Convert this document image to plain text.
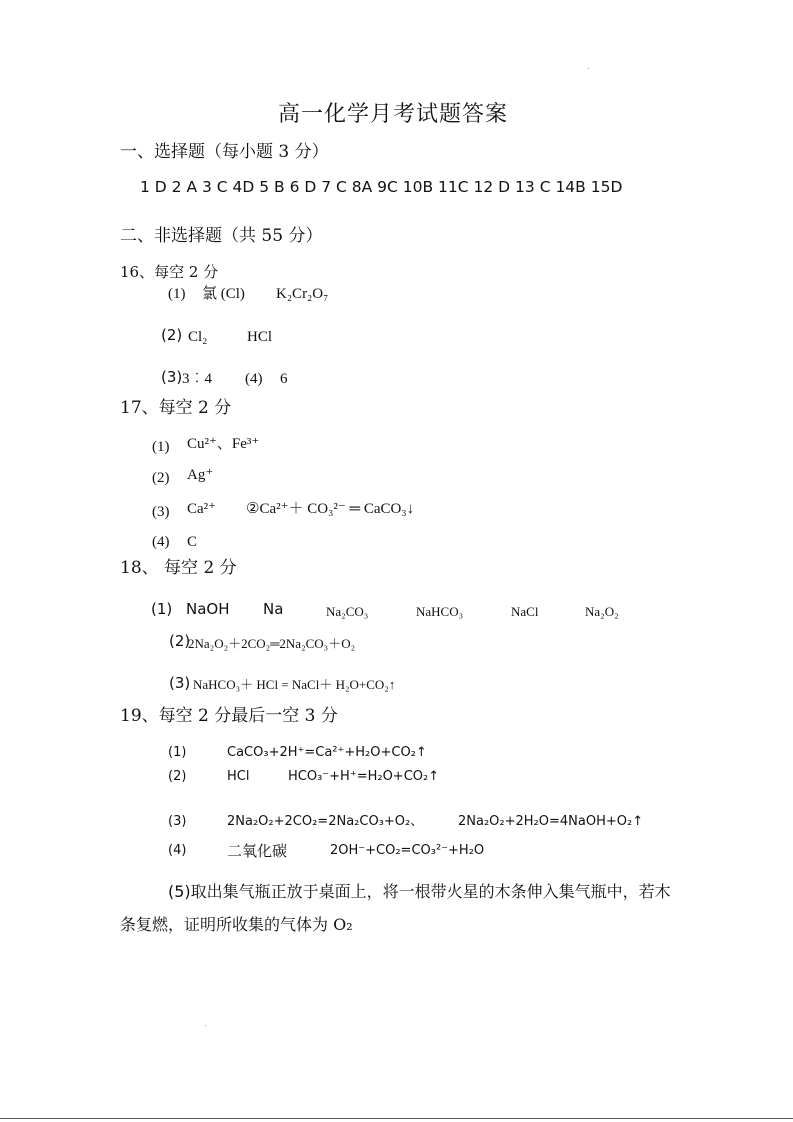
高一化学月考试题答案
一、选择题（每小题 3 分）
1 D 2 A 3 C 4D 5 B 6 D 7 C 8A 9C 10B 11C 12 D 13 C 14B 15D
二、非选择题（共 55 分）
16、每空 2 分
(1) 氯 (Cl) K₂Cr₂O₇
(2) Cl₂	HCl
(3) 3︰4 (4) 6
17、每空 2 分
(1) Cu²⁺、Fe³⁺
(2) Ag⁺
(3) Ca²⁺ ②Ca²⁺＋ CO₃²⁻ ═ CaCO₃↓
(4) C
18、 每空 2 分
(1) NaOH Na	Na₂CO₃	NaHCO₃	NaCl	Na₂O₂
(2)
2Na₂O₂＋2CO₂═2Na₂CO₃＋O₂
(3) NaHCO₃＋ HCl = NaCl＋ H₂O+CO₂↑
19、每空 2 分最后一空 3 分
(1)	CaCO₃+2H⁺=Ca²⁺+H₂O+CO₂↑
(2)	HCl	HCO₃⁻+H⁺=H₂O+CO₂↑
(3)	2Na₂O₂+2CO₂=2Na₂CO₃+O₂、	2Na₂O₂+2H₂O=4NaOH+O₂↑
(4)	二氧化碳	2OH⁻+CO₂=CO₃²⁻+H₂O
(5)取出集气瓶正放于桌面上，将一根带火星的木条伸入集气瓶中，若木条复燃，证明所收集的气体为 O₂
